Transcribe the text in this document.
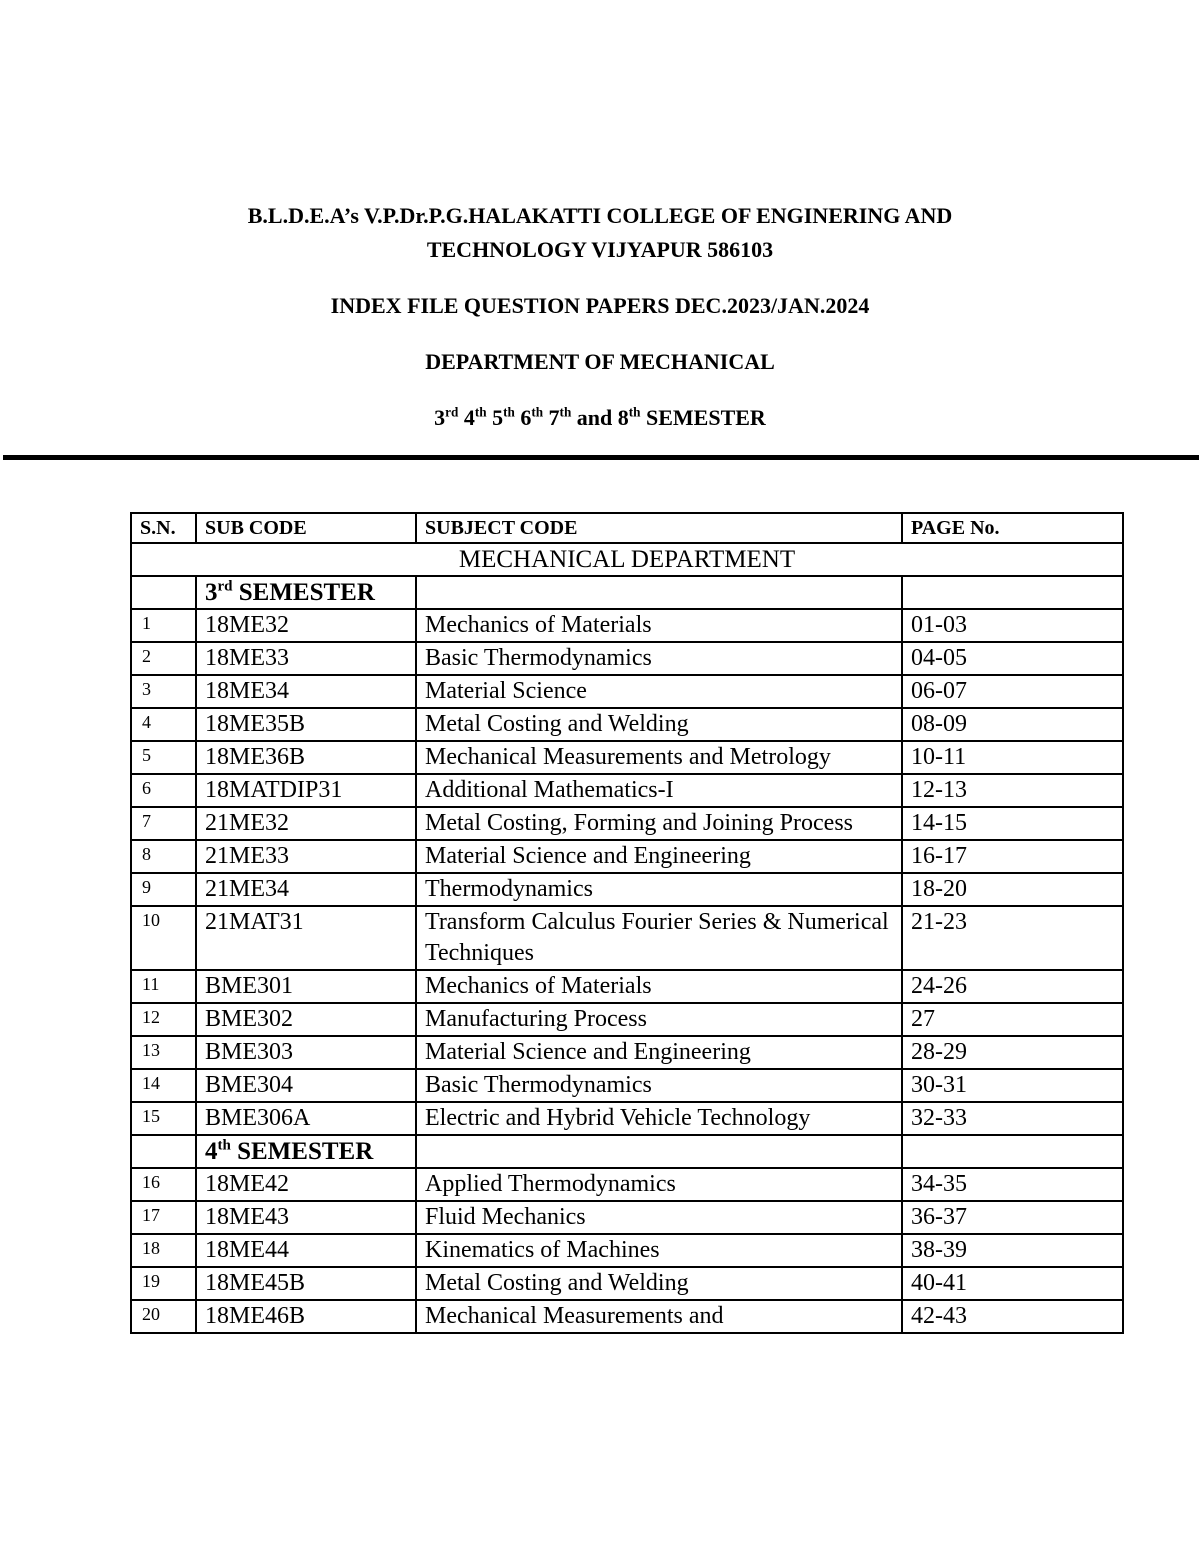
B.L.D.E.A’s V.P.Dr.P.G.HALAKATTI COLLEGE OF ENGINERING AND

TECHNOLOGY VIJYAPUR 586103

INDEX FILE QUESTION PAPERS DEC.2023/JAN.2024

DEPARTMENT OF MECHANICAL

3rd 4th 5th 6th 7th and 8th SEMESTER

S.N.	SUB CODE	SUBJECT CODE	PAGE No.
MECHANICAL DEPARTMENT			
	3rd SEMESTER		
1	18ME32	Mechanics of Materials	01-03
2	18ME33	Basic Thermodynamics	04-05
3	18ME34	Material Science	06-07
4	18ME35B	Metal Costing and Welding	08-09
5	18ME36B	Mechanical Measurements and Metrology	10-11
6	18MATDIP31	Additional Mathematics-I	12-13
7	21ME32	Metal Costing, Forming and Joining Process	14-15
8	21ME33	Material Science and Engineering	16-17
9	21ME34	Thermodynamics	18-20
10	21MAT31	Transform Calculus Fourier Series & Numerical Techniques	21-23
11	BME301	Mechanics of Materials	24-26
12	BME302	Manufacturing Process	27
13	BME303	Material Science and Engineering	28-29
14	BME304	Basic Thermodynamics	30-31
15	BME306A	Electric and Hybrid Vehicle Technology	32-33
	4th SEMESTER		
16	18ME42	Applied Thermodynamics	34-35
17	18ME43	Fluid Mechanics	36-37
18	18ME44	Kinematics of Machines	38-39
19	18ME45B	Metal Costing and Welding	40-41
20	18ME46B	Mechanical Measurements and	42-43
